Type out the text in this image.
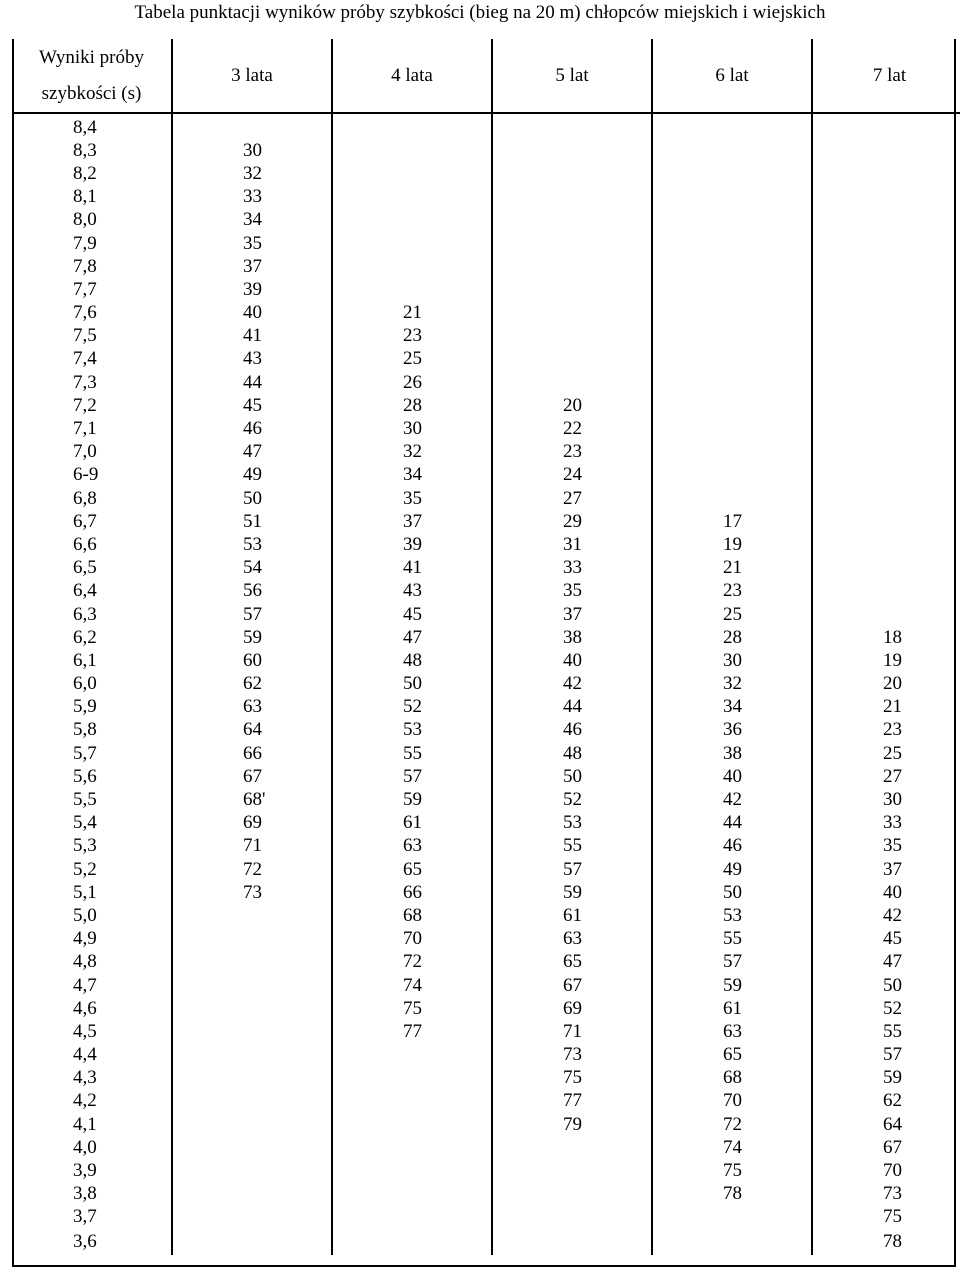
Tabela punktacji wyników próby szybkości (bieg na 20 m) chłopców miejskich i wiejskich
Wyniki próby
szybkości (s)	3 lata	4 lata	5 lat	6 lat	7 lat

8,4					
8,3	30				
8,2	32				
8,1	33				
8,0	34				
7,9	35				
7,8	37				
7,7	39				
7,6	40	21			
7,5	41	23			
7,4	43	25			
7,3	44	26			
7,2	45	28	20		
7,1	46	30	22		
7,0	47	32	23		
6-9	49	34	24		
6,8	50	35	27		
6,7	51	37	29	17	
6,6	53	39	31	19	
6,5	54	41	33	21	
6,4	56	43	35	23	
6,3	57	45	37	25	
6,2	59	47	38	28	18
6,1	60	48	40	30	19
6,0	62	50	42	32	20
5,9	63	52	44	34	21
5,8	64	53	46	36	23
5,7	66	55	48	38	25
5,6	67	57	50	40	27
5,5	68'	59	52	42	30
5,4	69	61	53	44	33
5,3	71	63	55	46	35
5,2	72	65	57	49	37
5,1	73	66	59	50	40
5,0		68	61	53	42
4,9		70	63	55	45
4,8		72	65	57	47
4,7		74	67	59	50
4,6		75	69	61	52
4,5		77	71	63	55
4,4			73	65	57
4,3			75	68	59
4,2			77	70	62
4,1			79	72	64
4,0				74	67
3,9				75	70
3,8				78	73
3,7					75
3,6					78
